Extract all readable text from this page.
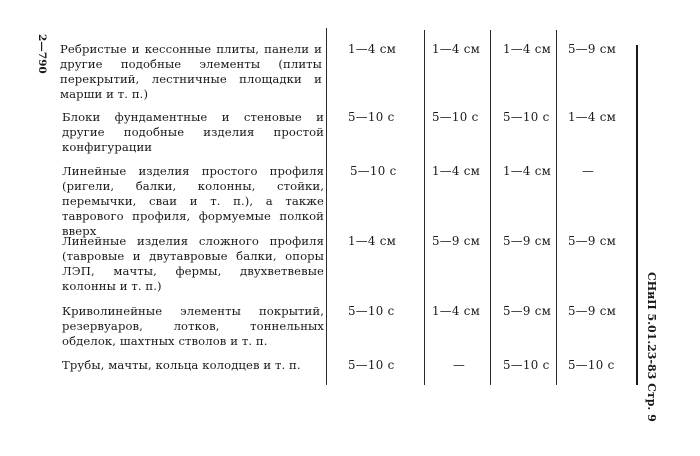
2—790
СНиП 5.01.23-83 Стр. 9
Ребристые и кессонные плиты, панели и другие подобные элементы (плиты перекрытий, лестничные площадки и марши и т. п.)
1—4 см	1—4 см 1—4 см 5—9 см
Блоки фундаментные и стеновые и другие подобные изделия простой конфигурации
5—10 с	5—10 с 5—10 с 1—4 см
Линейные изделия простого профиля (ригели, балки, колонны, стойки, перемычки, сваи и т. п.), а также таврового профиля, формуемые полкой вверх
5—10 с	1—4 см 1—4 см	—
Линейные изделия сложного профиля (тавровые и двутавровые балки, опоры ЛЭП, мачты, фермы, двухветвевые колонны и т. п.)
1—4 см	5—9 см 5—9 см 5—9 см
Криволинейные элементы покрытий, резервуаров, лотков, тоннельных обделок, шахтных стволов и т. п.
5—10 с	1—4 см 5—9 см 5—9 см
Трубы, мачты, кольца колодцев и т. п.	5—10 с	—	5—10 с 5—10 с
